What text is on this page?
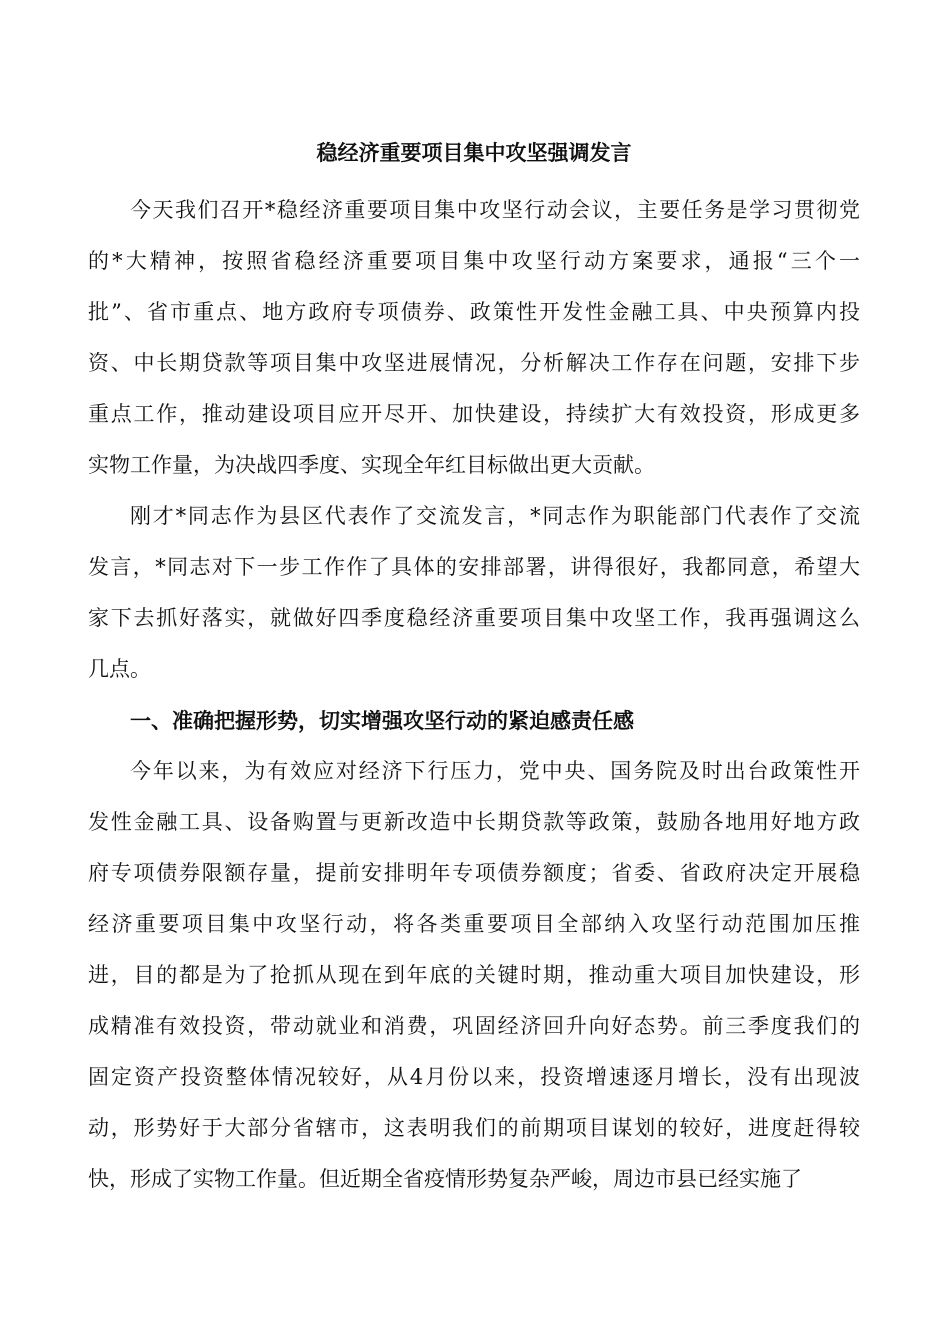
稳经济重要项目集中攻坚强调发言
今天我们召开*稳经济重要项目集中攻坚行动会议，主要任务是学习贯彻党
的*大精神，按照省稳经济重要项目集中攻坚行动方案要求，通报“三个一
批”、省市重点、地方政府专项债券、政策性开发性金融工具、中央预算内投
资、中长期贷款等项目集中攻坚进展情况，分析解决工作存在问题，安排下步
重点工作，推动建设项目应开尽开、加快建设，持续扩大有效投资，形成更多
实物工作量，为决战四季度、实现全年红目标做出更大贡献。
刚才*同志作为县区代表作了交流发言，*同志作为职能部门代表作了交流
发言，*同志对下一步工作作了具体的安排部署，讲得很好，我都同意，希望大
家下去抓好落实，就做好四季度稳经济重要项目集中攻坚工作，我再强调这么
几点。
一、准确把握形势，切实增强攻坚行动的紧迫感责任感
今年以来，为有效应对经济下行压力，党中央、国务院及时出台政策性开
发性金融工具、设备购置与更新改造中长期贷款等政策，鼓励各地用好地方政
府专项债券限额存量，提前安排明年专项债券额度；省委、省政府决定开展稳
经济重要项目集中攻坚行动，将各类重要项目全部纳入攻坚行动范围加压推
进，目的都是为了抢抓从现在到年底的关键时期，推动重大项目加快建设，形
成精准有效投资，带动就业和消费，巩固经济回升向好态势。前三季度我们的
固定资产投资整体情况较好，从4月份以来，投资增速逐月增长，没有出现波
动，形势好于大部分省辖市，这表明我们的前期项目谋划的较好，进度赶得较
快，形成了实物工作量。但近期全省疫情形势复杂严峻，周边市县已经实施了
